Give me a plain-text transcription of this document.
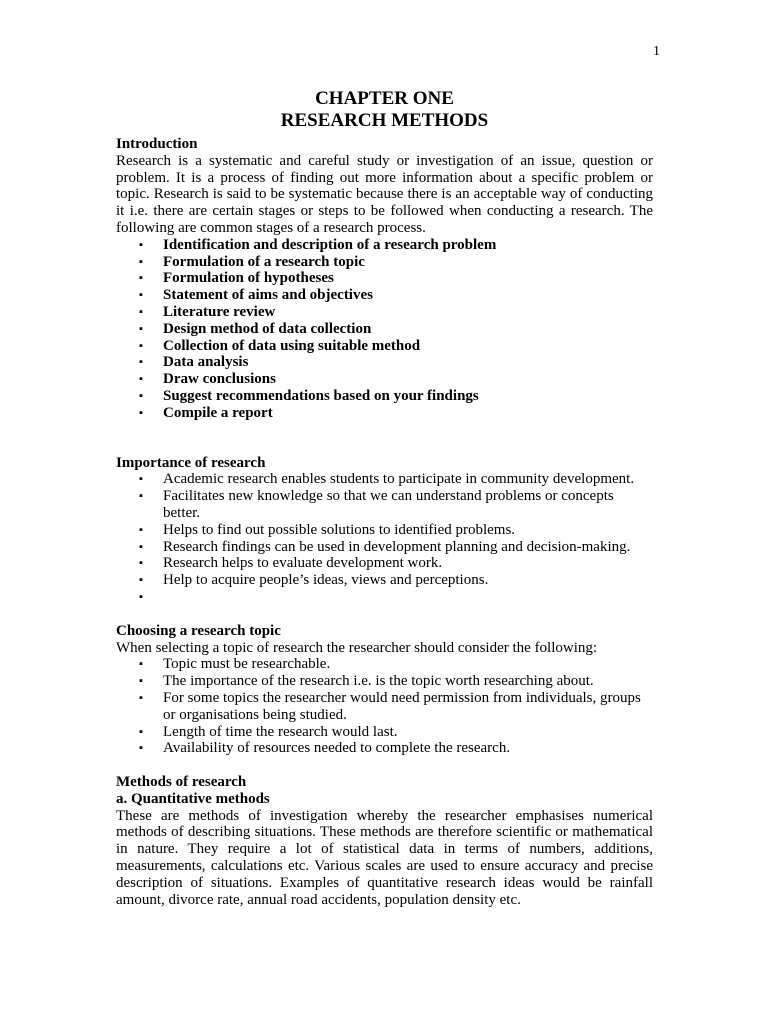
1
CHAPTER ONE
RESEARCH METHODS

Introduction

Research is a systematic and careful study or investigation of an issue, question or problem. It is a process of finding out more information about a specific problem or topic. Research is said to be systematic because there is an acceptable way of conducting it i.e. there are certain stages or steps to be followed when conducting a research. The following are common stages of a research process.

▪ Identification and description of a research problem
▪ Formulation of a research topic
▪ Formulation of hypotheses
▪ Statement of aims and objectives
▪ Literature review
▪ Design method of data collection
▪ Collection of data using suitable method
▪ Data analysis
▪ Draw conclusions
▪ Suggest recommendations based on your findings
▪ Compile a report

Importance of research

▪ Academic research enables students to participate in community development.
▪ Facilitates new knowledge so that we can understand problems or concepts better.
▪ Helps to find out possible solutions to identified problems.
▪ Research findings can be used in development planning and decision-making.
▪ Research helps to evaluate development work.
▪ Help to acquire people’s ideas, views and perceptions.
▪

Choosing a research topic

When selecting a topic of research the researcher should consider the following:

▪ Topic must be researchable.
▪ The importance of the research i.e. is the topic worth researching about.
▪ For some topics the researcher would need permission from individuals, groups or organisations being studied.
▪ Length of time the research would last.
▪ Availability of resources needed to complete the research.

Methods of research

a. Quantitative methods

These are methods of investigation whereby the researcher emphasises numerical methods of describing situations. These methods are therefore scientific or mathematical in nature. They require a lot of statistical data in terms of numbers, additions, measurements, calculations etc. Various scales are used to ensure accuracy and precise description of situations. Examples of quantitative research ideas would be rainfall amount, divorce rate, annual road accidents, population density etc.
